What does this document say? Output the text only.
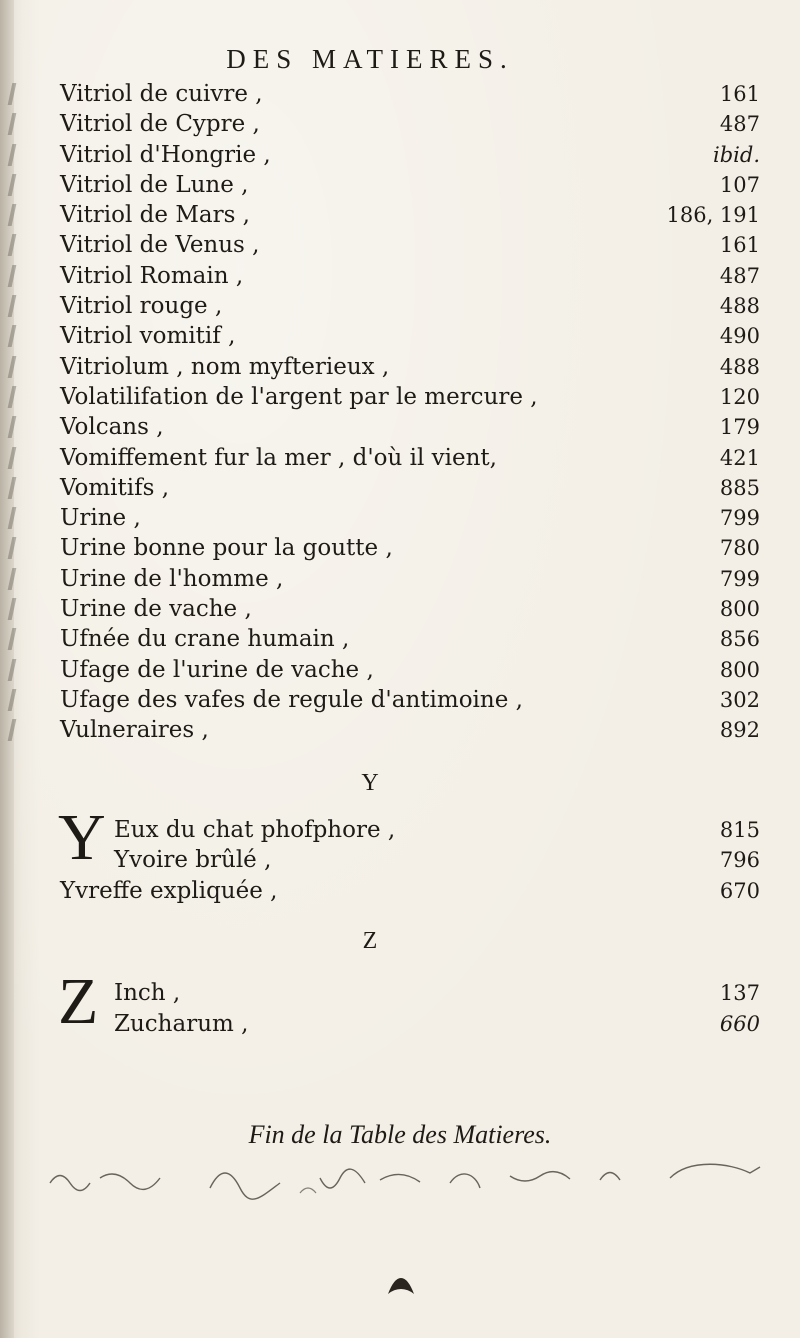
DES MATIERES.
Vitriol de cuivre ,	161
Vitriol de Cypre ,	487
Vitriol d'Hongrie ,	ibid.
Vitriol de Lune ,	107
Vitriol de Mars ,	186, 191
Vitriol de Venus ,	161
Vitriol Romain ,	487
Vitriol rouge ,	488
Vitriol vomitif ,	490
Vitriolum , nom myfterieux ,	488
Volatilifation de l'argent par le mercure ,	120
Volcans ,	179
Vomiffement fur la mer , d'où il vient,	421
Vomitifs ,	885
Urine ,	799
Urine bonne pour la goutte ,	780
Urine de l'homme ,	799
Urine de vache ,	800
Ufnée du crane humain ,	856
Ufage de l'urine de vache ,	800
Ufage des vafes de regule d'antimoine ,	302
Vulneraires ,	892
Y
Y Eux du chat phofphore ,	815
Yvoire brûlé ,	796
Yvreffe expliquée ,	670
Z
Z Inch ,	137
Zucharum ,	660
Fin de la Table des Matieres.
